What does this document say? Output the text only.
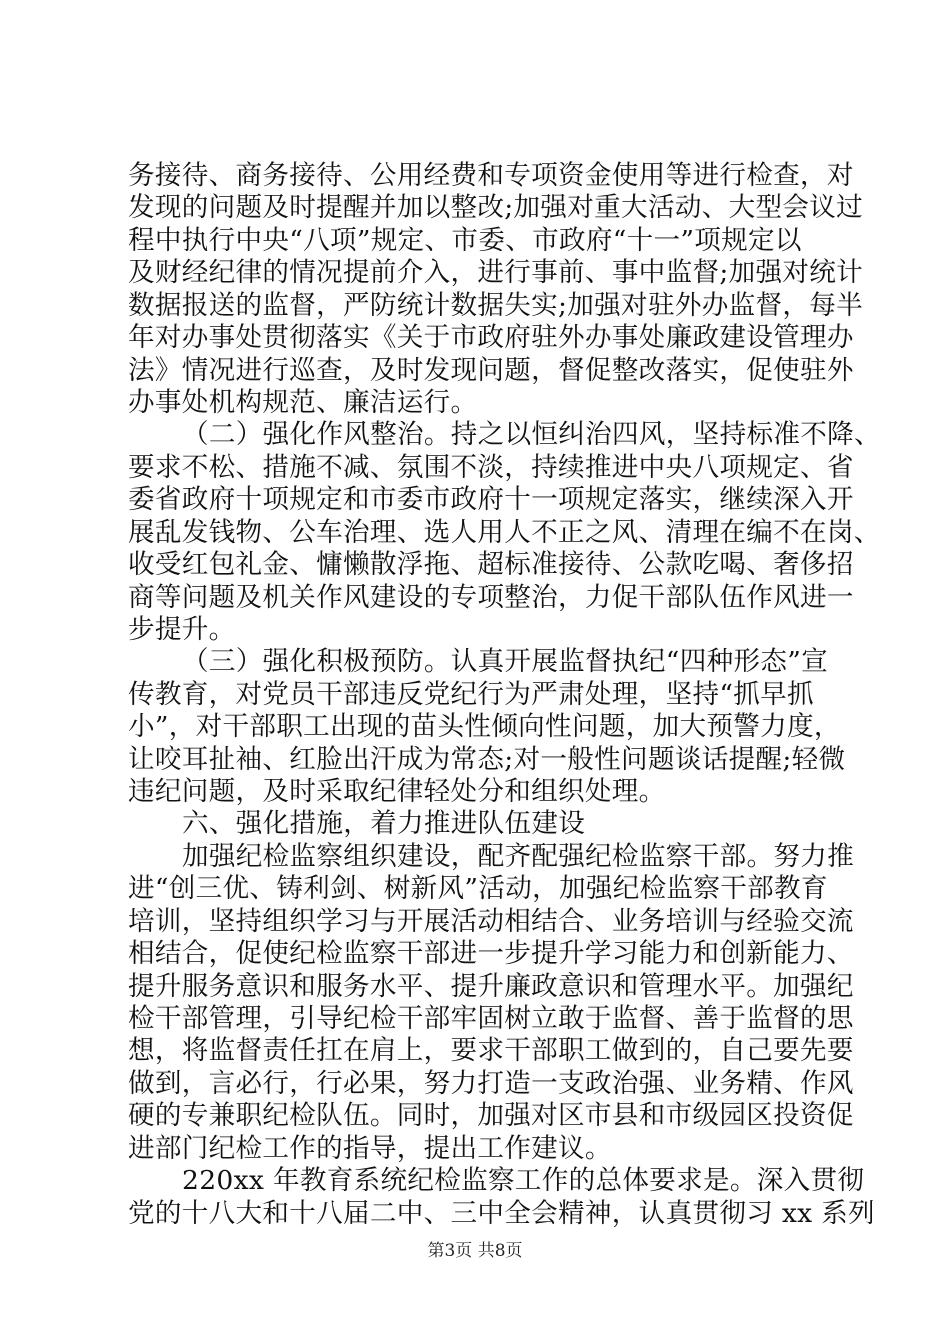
务接待、商务接待、公用经费和专项资金使用等进行检查，对
发现的问题及时提醒并加以整改;加强对重大活动、大型会议过
程中执行中央“八项”规定、市委、市政府“十一”项规定以
及财经纪律的情况提前介入，进行事前、事中监督;加强对统计
数据报送的监督，严防统计数据失实;加强对驻外办监督，每半
年对办事处贯彻落实《关于市政府驻外办事处廉政建设管理办
法》情况进行巡查，及时发现问题，督促整改落实，促使驻外
办事处机构规范、廉洁运行。
（二）强化作风整治。持之以恒纠治四风，坚持标准不降、
要求不松、措施不减、氛围不淡，持续推进中央八项规定、省
委省政府十项规定和市委市政府十一项规定落实，继续深入开
展乱发钱物、公车治理、选人用人不正之风、清理在编不在岗、
收受红包礼金、慵懒散浮拖、超标准接待、公款吃喝、奢侈招
商等问题及机关作风建设的专项整治，力促干部队伍作风进一
步提升。
（三）强化积极预防。认真开展监督执纪“四种形态”宣
传教育，对党员干部违反党纪行为严肃处理，坚持“抓早抓
小”，对干部职工出现的苗头性倾向性问题，加大预警力度，
让咬耳扯袖、红脸出汗成为常态;对一般性问题谈话提醒;轻微
违纪问题，及时采取纪律轻处分和组织处理。
六、强化措施，着力推进队伍建设
加强纪检监察组织建设，配齐配强纪检监察干部。努力推
进“创三优、铸利剑、树新风”活动，加强纪检监察干部教育
培训，坚持组织学习与开展活动相结合、业务培训与经验交流
相结合，促使纪检监察干部进一步提升学习能力和创新能力、
提升服务意识和服务水平、提升廉政意识和管理水平。加强纪
检干部管理，引导纪检干部牢固树立敢于监督、善于监督的思
想，将监督责任扛在肩上，要求干部职工做到的，自己要先要
做到，言必行，行必果，努力打造一支政治强、业务精、作风
硬的专兼职纪检队伍。同时，加强对区市县和市级园区投资促
进部门纪检工作的指导，提出工作建议。
220xx 年教育系统纪检监察工作的总体要求是。深入贯彻
党的十八大和十八届二中、三中全会精神，认真贯彻习 xx 系列
第3页 共8页
